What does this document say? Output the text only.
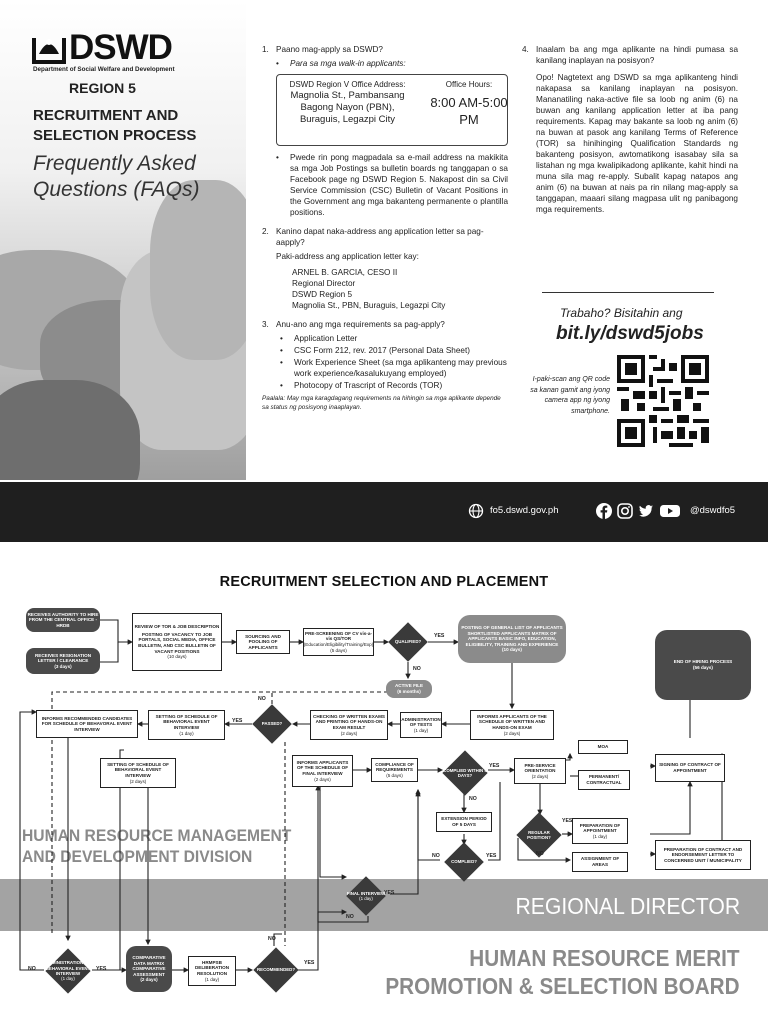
DSWD
Department of Social Welfare and Development
REGION 5
RECRUITMENT AND
SELECTION PROCESS
Frequently Asked
Questions (FAQs)
1. Paano mag-apply sa DSWD?
•	Para sa mga walk-in applicants:
DSWD Region V Office Address:
Magnolia St., Pambansang
Bagong Nayon (PBN),
Buraguis, Legazpi City
Office Hours:
8:00 AM-5:00 PM
•	Pwede rin pong magpadala sa e-mail address na makikita sa mga Job Postings sa bulletin boards ng tanggapan o sa Facebook page ng DSWD Region 5. Nakapost din sa Civil Service Commission (CSC) Bulletin of Vacant Positions in the Government ang mga bakanteng permanente o plantilla positions.
2. Kanino dapat naka-address ang application letter sa pag-aapply?
Paki-address ang application letter kay:
ARNEL B. GARCIA, CESO II
Regional Director
DSWD Region 5
Magnolia St., PBN, Buraguis, Legazpi City
3. Anu-ano ang mga requirements sa pag-apply?
•	Application Letter
•	CSC Form 212, rev. 2017 (Personal Data Sheet)
•	Work Experience Sheet (sa mga aplikanteng may previous work experience/kasalukuyang employed)
•	Photocopy of Trascript of Records (TOR)
Paalala: May mga karagdagang requirements na hihingin sa mga aplikante depende sa status ng posisyong inaaplayan.
4. Inaalam ba ang mga aplikante na hindi pumasa sa kanilang inaplayan na posisyon?
Opo! Nagtetext ang DSWD sa mga aplikanteng hindi nakapasa sa kanilang inaplayan na posisyon. Mananatiling naka-active file sa loob ng anim (6) na buwan ang kanilang application letter at iba pang requirements. Kapag may bakante sa loob ng anim (6) na buwan at pasok ang kanilang Terms of Reference (TOR) sa hinihinging Qualification Standards ng bakanteng posisyon, awtomatikong isasabay sila sa listahan ng mga kwalipikadong aplikante, kahit hindi na muna sila mag re-apply. Subalit kapag natapos ang anim (6) na buwan at nais pa rin nilang mag-apply sa tanggapan, maaari silang magpasa ulit ng panibagong mga requirements.
Trabaho? Bisitahin ang
bit.ly/dswd5jobs
I-paki-scan ang QR code sa kanan gamit ang iyong camera app ng iyong smartphone.
fo5.dswd.gov.ph	@dswdfo5
RECRUITMENT SELECTION AND PLACEMENT
HUMAN RESOURCE MANAGEMENT
AND DEVELOPMENT DIVISION
REGIONAL DIRECTOR
HUMAN RESOURCE MERIT
PROMOTION & SELECTION BOARD
RECEIVES AUTHORITY TO HIRE FROM THE CENTRAL OFFICE - HRDB
RECEIVES RESIGNATION LETTER / CLEARANCE
(3 days)
REVIEW OF TOR & JOB DESCRIPTION
POSTING OF VACANCY TO JOB PORTALS, SOCIAL MEDIA, OFFICE BULLETIN, AND CSC BULLETIN OF VACANT POSITIONS
(10 days)
SOURCING AND POOLING OF APPLICANTS
PRE-SCREENING OF CV vis-a-vis QS/TOR
(Education/Eligibility/Training/Exp)
(5 days)
QUALIFIED?
YES
NO
POSTING OF GENERAL LIST OF APPLICANTS SHORTLISTED APPLICANTS MATRIX OF APPLICANTS BASIC INFO, EDUCATION, ELIGIBILITY, TRAINING AND EXPERIENCE
(10 days)
END OF HIRING PROCESS
(56 days)
ACTIVE FILE
(6 months)
NO
INFORMS APPLICANTS OF THE SCHEDULE OF WRITTEN AND HANDS-ON EXAM
(2 days)
ADMINISTRATION OF TESTS
(1 day)
CHECKING OF WRITTEN EXAMS AND PRINTING OF HANDS-ON EXAM RESULT
(2 days)
PASSED?
YES
SETTING OF SCHEDULE OF BEHAVIORAL EVENT INTERVIEW
(1 day)
INFORMS RECOMMENDED CANDIDATES FOR SCHEDULE OF BEHAVORAL EVENT INTERVIEW
SETTING OF SCHEDULE OF BEHAVIORAL EVENT INTERVIEW
(2 days)
INFORMS APPLICANTS OF THE SCHEDULE OF FINAL INTERVIEW
(2 days)
COMPLIANCE OF REQUIREMENTS
(5 days)
COMPLIED WITHIN 5 DAYS?
YES
NO
EXTENSION PERIOD OF 5 DAYS
COMPLIED?
NO	YES
PRE-SERVICE ORIENTATION
(2 days)
MOA
PERMANENT/ CONTRACTUAL
REGULAR POSITION?
YES
NO
PREPARATION OF APPOINTMENT
(1 day)
ASSIGNMENT OF AREAS
SIGNING OF CONTRACT OF APPOINTMENT
PREPARATION OF CONTRACT AND ENDORSEMENT LETTER TO CONCERNED UNIT / MUNICIPALITY
FINAL INTERVIEW
(1 day)
YES
NO
ADMINISTRATION OF BEHAVIORAL EVENT INTERVIEW
(1 day)
NO	YES
COMPARATIVE DATA MATRIX COMPARATIVE ASSESSMENT
(2 days)
HRMPSB DELIBERATION RESOLUTION
(1 day)
RECOMMENDED?
NO
YES
